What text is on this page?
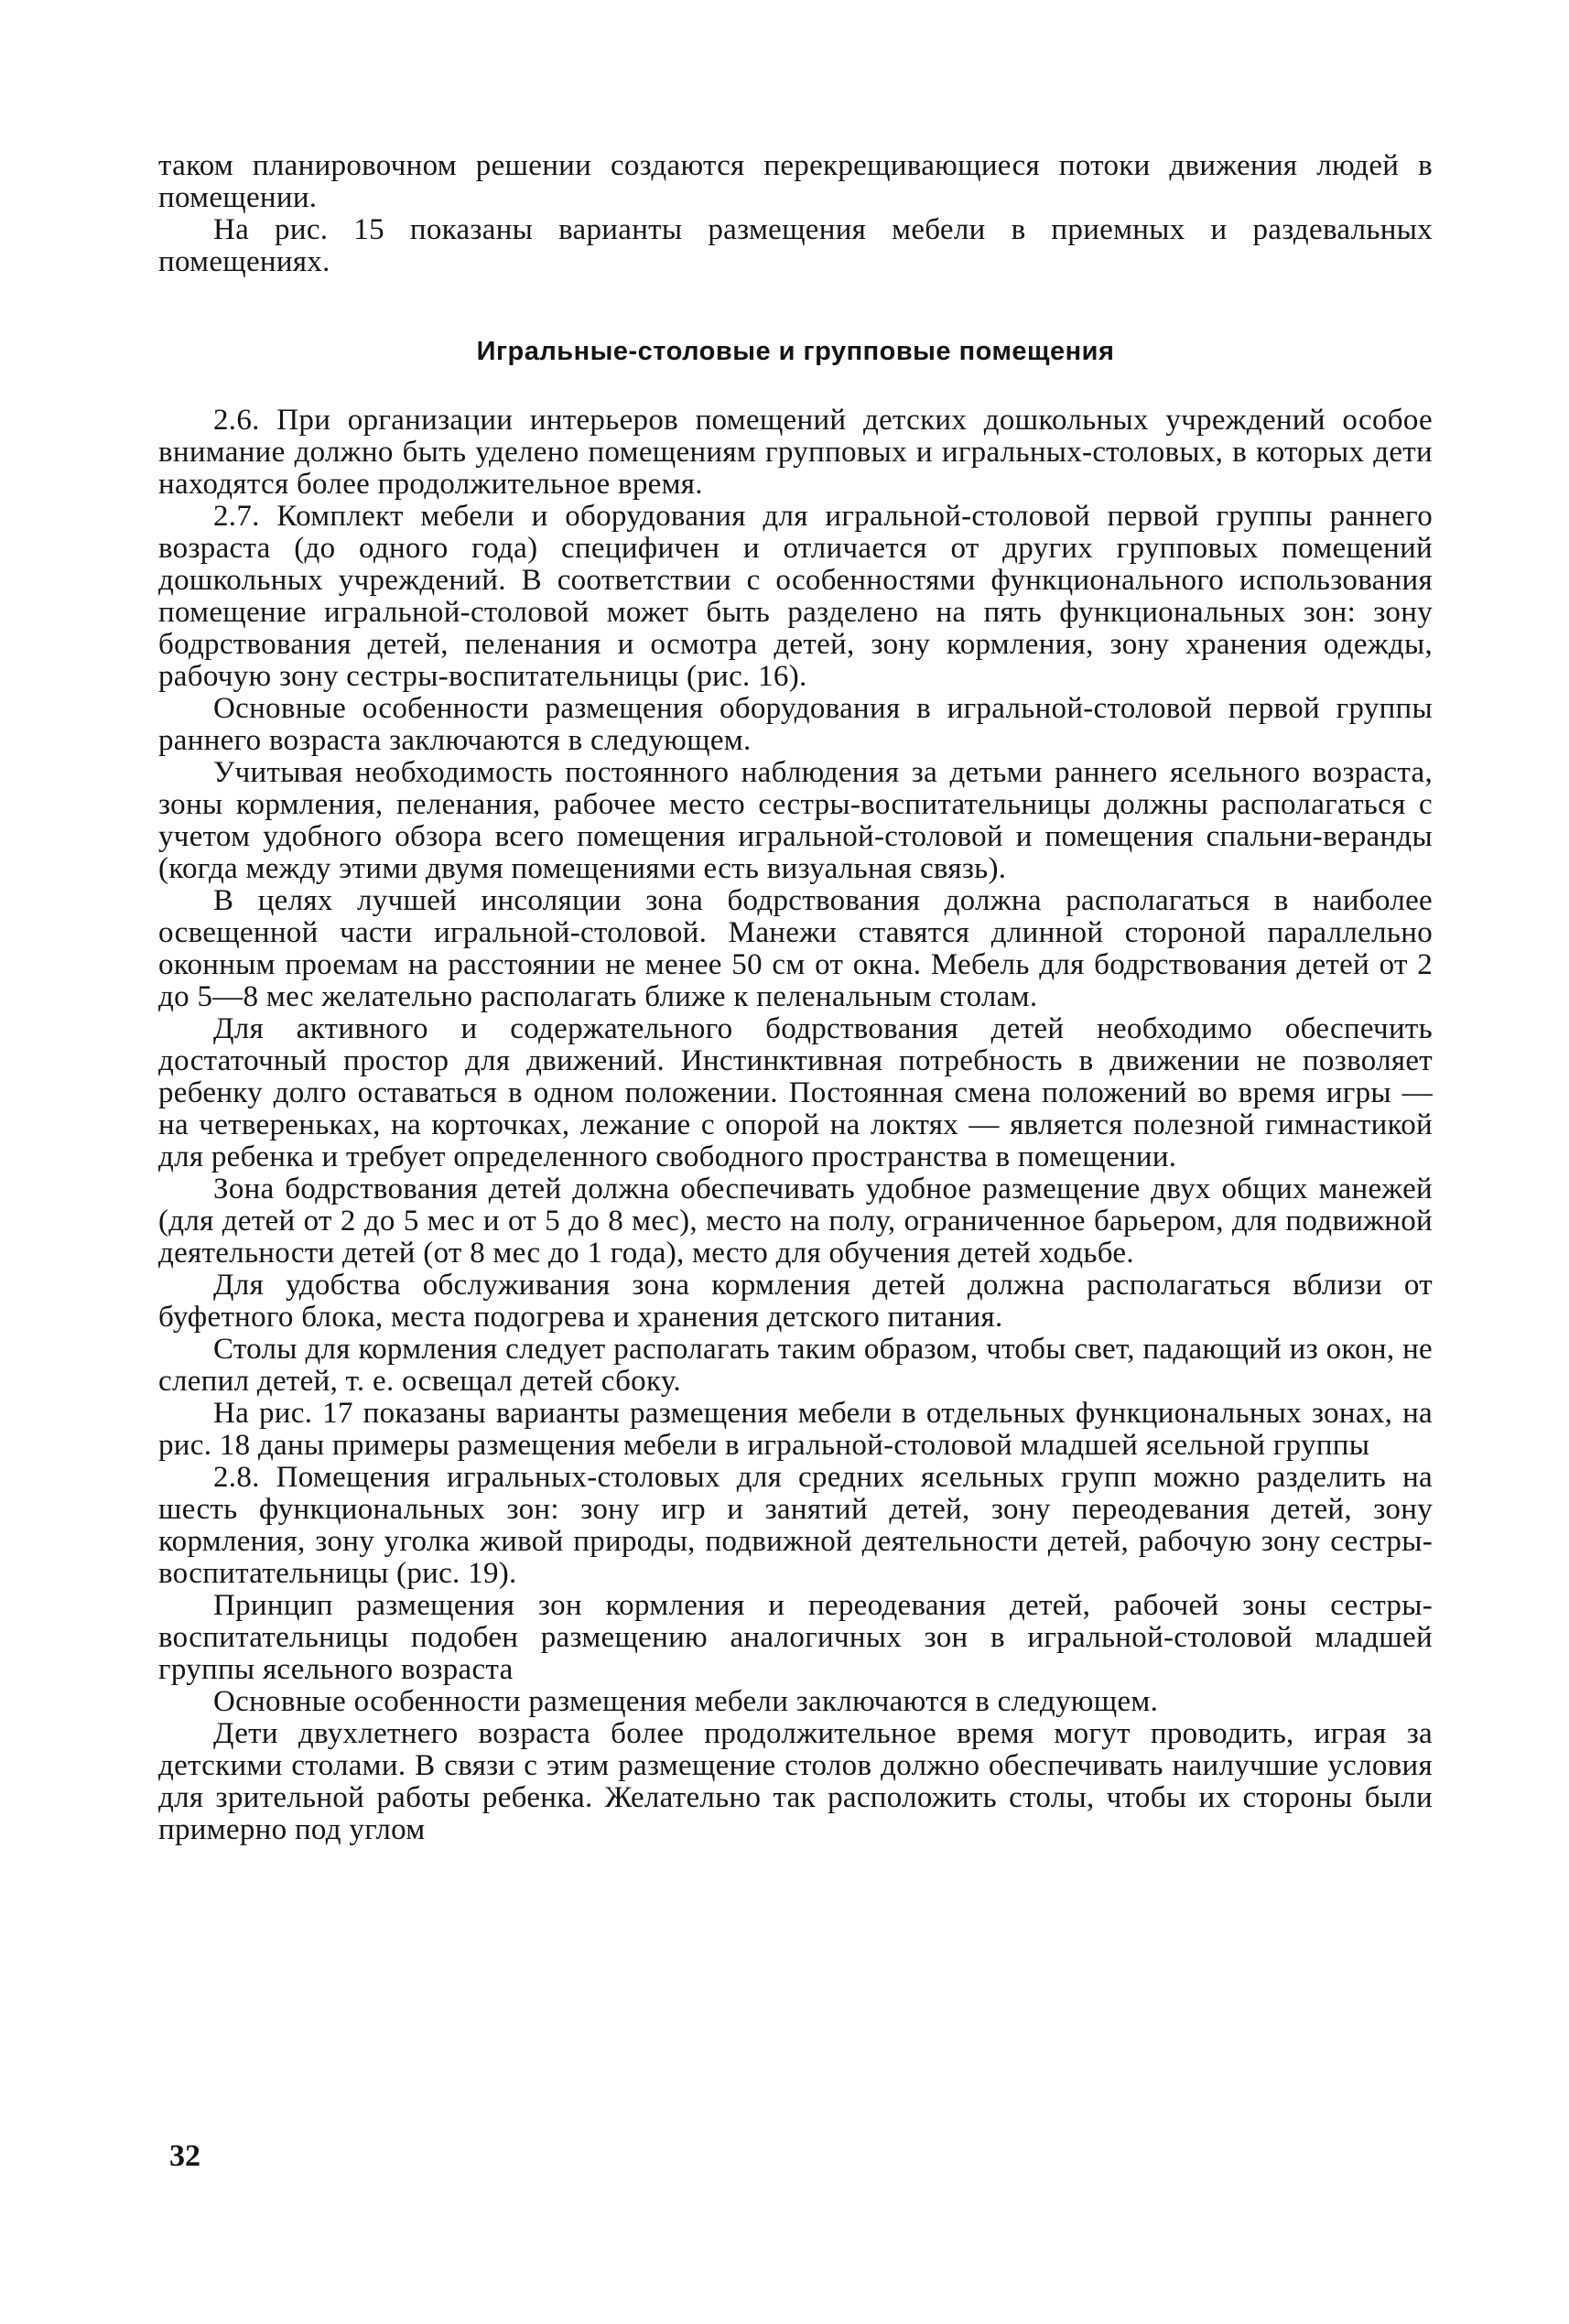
таком планировочном решении создаются перекрещивающиеся потоки движения людей в помещении.

На рис. 15 показаны варианты размещения мебели в приемных и раздевальных помещениях.

Игральные-столовые и групповые помещения

2.6. При организации интерьеров помещений детских дошкольных учреждений особое внимание должно быть уделено помещениям групповых и игральных-столовых, в которых дети находятся более продолжительное время.

2.7. Комплект мебели и оборудования для игральной-столовой первой группы раннего возраста (до одного года) специфичен и отличается от других групповых помещений дошкольных учреждений. В соответствии с особенностями функционального использования помещение игральной-столовой может быть разделено на пять функциональных зон: зону бодрствования детей, пеленания и осмотра детей, зону кормления, зону хранения одежды, рабочую зону сестры-воспитательницы (рис. 16).

Основные особенности размещения оборудования в игральной-столовой первой группы раннего возраста заключаются в следующем.

Учитывая необходимость постоянного наблюдения за детьми раннего ясельного возраста, зоны кормления, пеленания, рабочее место сестры-воспитательницы должны располагаться с учетом удобного обзора всего помещения игральной-столовой и помещения спальни-веранды (когда между этими двумя помещениями есть визуальная связь).

В целях лучшей инсоляции зона бодрствования должна располагаться в наиболее освещенной части игральной-столовой. Манежи ставятся длинной стороной параллельно оконным проемам на расстоянии не менее 50 см от окна. Мебель для бодрствования детей от 2 до 5—8 мес желательно располагать ближе к пеленальным столам.

Для активного и содержательного бодрствования детей необходимо обеспечить достаточный простор для движений. Инстинктивная потребность в движении не позволяет ребенку долго оставаться в одном положении. Постоянная смена положений во время игры — на четвереньках, на корточках, лежание с опорой на локтях — является полезной гимнастикой для ребенка и требует определенного свободного пространства в помещении.

Зона бодрствования детей должна обеспечивать удобное размещение двух общих манежей (для детей от 2 до 5 мес и от 5 до 8 мес), место на полу, ограниченное барьером, для подвижной деятельности детей (от 8 мес до 1 года), место для обучения детей ходьбе.

Для удобства обслуживания зона кормления детей должна располагаться вблизи от буфетного блока, места подогрева и хранения детского питания.

Столы для кормления следует располагать таким образом, чтобы свет, падающий из окон, не слепил детей, т. е. освещал детей сбоку.

На рис. 17 показаны варианты размещения мебели в отдельных функциональных зонах, на рис. 18 даны примеры размещения мебели в игральной-столовой младшей ясельной группы

2.8. Помещения игральных-столовых для средних ясельных групп можно разделить на шесть функциональных зон: зону игр и занятий детей, зону переодевания детей, зону кормления, зону уголка живой природы, подвижной деятельности детей, рабочую зону сестры-воспитательницы (рис. 19).

Принцип размещения зон кормления и переодевания детей, рабочей зоны сестры-воспитательницы подобен размещению аналогичных зон в игральной-столовой младшей группы ясельного возраста

Основные особенности размещения мебели заключаются в следующем.

Дети двухлетнего возраста более продолжительное время могут проводить, играя за детскими столами. В связи с этим размещение столов должно обеспечивать наилучшие условия для зрительной работы ребенка. Желательно так расположить столы, чтобы их стороны были примерно под углом

32
